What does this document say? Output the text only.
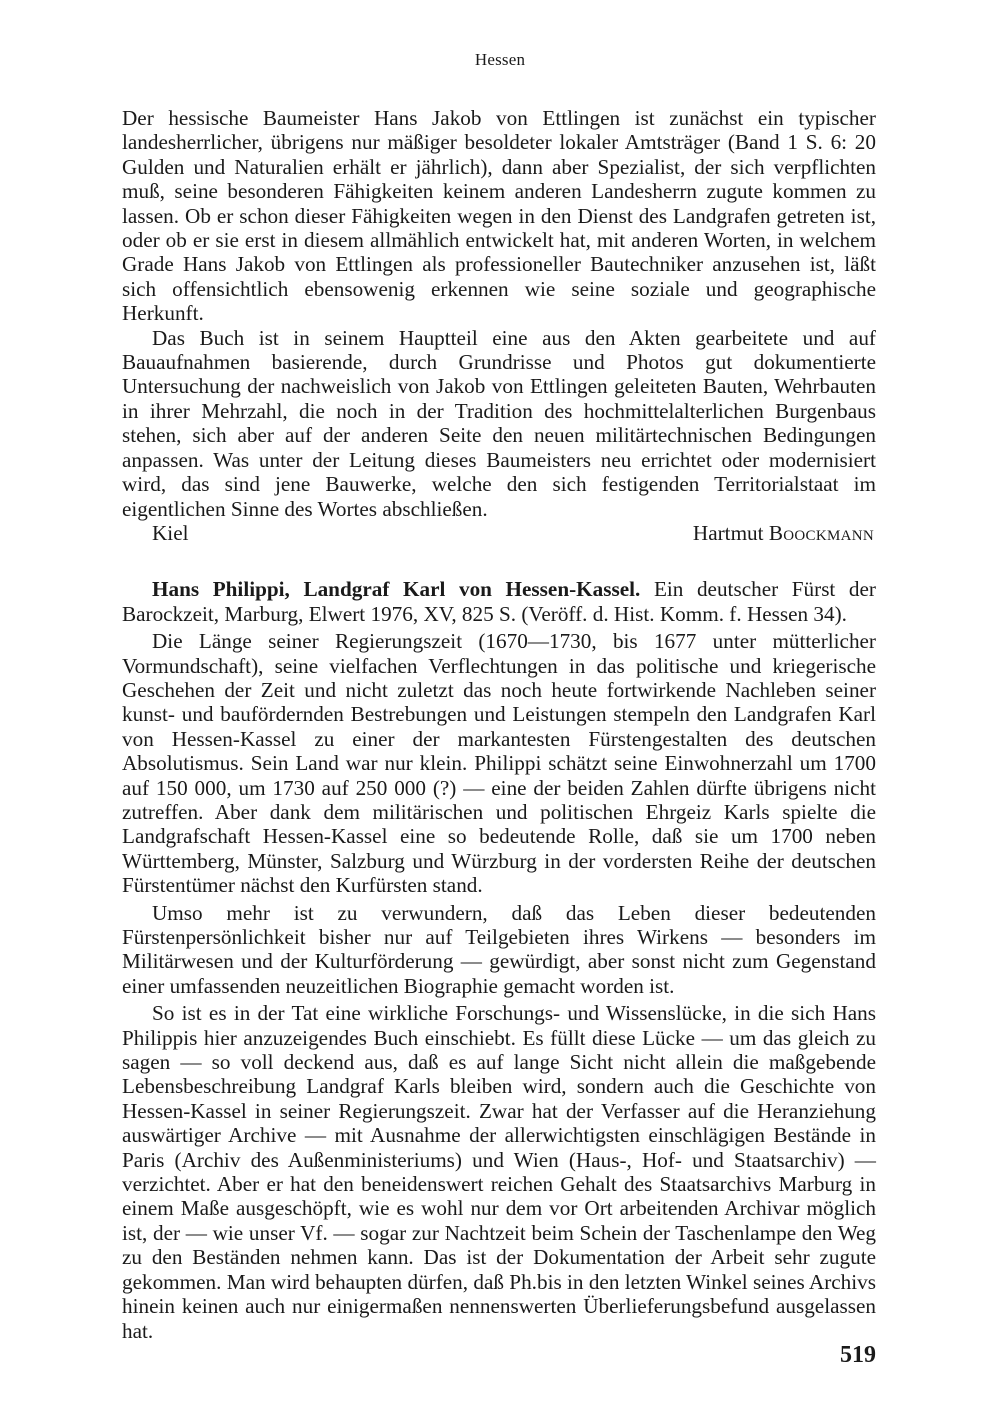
Hessen

Der hessische Baumeister Hans Jakob von Ettlingen ist zunächst ein typischer landesherrlicher, übrigens nur mäßiger besoldeter lokaler Amtsträger (Band 1 S. 6: 20 Gulden und Naturalien erhält er jährlich), dann aber Spezialist, der sich verpflichten muß, seine besonderen Fähigkeiten keinem anderen Landesherrn zugute kommen zu lassen. Ob er schon dieser Fähigkeiten wegen in den Dienst des Landgrafen getreten ist, oder ob er sie erst in diesem allmählich entwickelt hat, mit anderen Worten, in welchem Grade Hans Jakob von Ettlingen als professioneller Bautechniker anzusehen ist, läßt sich offensichtlich ebensowenig erkennen wie seine soziale und geographische Herkunft.

Das Buch ist in seinem Hauptteil eine aus den Akten gearbeitete und auf Bauaufnahmen basierende, durch Grundrisse und Photos gut dokumentierte Untersuchung der nachweislich von Jakob von Ettlingen geleiteten Bauten, Wehrbauten in ihrer Mehrzahl, die noch in der Tradition des hochmittelalterlichen Burgenbaus stehen, sich aber auf der anderen Seite den neuen militärtechnischen Bedingungen anpassen. Was unter der Leitung dieses Baumeisters neu errichtet oder modernisiert wird, das sind jene Bauwerke, welche den sich festigenden Territorialstaat im eigentlichen Sinne des Wortes abschließen.

Kiel	Hartmut Boockmann

Hans Philippi, Landgraf Karl von Hessen-Kassel. Ein deutscher Fürst der Barockzeit, Marburg, Elwert 1976, XV, 825 S. (Veröff. d. Hist. Komm. f. Hessen 34).

Die Länge seiner Regierungszeit (1670—1730, bis 1677 unter mütterlicher Vormundschaft), seine vielfachen Verflechtungen in das politische und kriegerische Geschehen der Zeit und nicht zuletzt das noch heute fortwirkende Nachleben seiner kunst- und baufördernden Bestrebungen und Leistungen stempeln den Landgrafen Karl von Hessen-Kassel zu einer der markantesten Fürstengestalten des deutschen Absolutismus. Sein Land war nur klein. Philippi schätzt seine Einwohnerzahl um 1700 auf 150 000, um 1730 auf 250 000 (?) — eine der beiden Zahlen dürfte übrigens nicht zutreffen. Aber dank dem militärischen und politischen Ehrgeiz Karls spielte die Landgrafschaft Hessen-Kassel eine so bedeutende Rolle, daß sie um 1700 neben Württemberg, Münster, Salzburg und Würzburg in der vordersten Reihe der deutschen Fürstentümer nächst den Kurfürsten stand.

Umso mehr ist zu verwundern, daß das Leben dieser bedeutenden Fürstenpersönlichkeit bisher nur auf Teilgebieten ihres Wirkens — besonders im Militärwesen und der Kulturförderung — gewürdigt, aber sonst nicht zum Gegenstand einer umfassenden neuzeitlichen Biographie gemacht worden ist.

So ist es in der Tat eine wirkliche Forschungs- und Wissenslücke, in die sich Hans Philippis hier anzuzeigendes Buch einschiebt. Es füllt diese Lücke — um das gleich zu sagen — so voll deckend aus, daß es auf lange Sicht nicht allein die maßgebende Lebensbeschreibung Landgraf Karls bleiben wird, sondern auch die Geschichte von Hessen-Kassel in seiner Regierungszeit. Zwar hat der Verfasser auf die Heranziehung auswärtiger Archive — mit Ausnahme der allerwichtigsten einschlägigen Bestände in Paris (Archiv des Außenministeriums) und Wien (Haus-, Hof- und Staatsarchiv) — verzichtet. Aber er hat den beneidenswert reichen Gehalt des Staatsarchivs Marburg in einem Maße ausgeschöpft, wie es wohl nur dem vor Ort arbeitenden Archivar möglich ist, der — wie unser Vf. — sogar zur Nachtzeit beim Schein der Taschenlampe den Weg zu den Beständen nehmen kann. Das ist der Dokumentation der Arbeit sehr zugute gekommen. Man wird behaupten dürfen, daß Ph.bis in den letzten Winkel seines Archivs hinein keinen auch nur einigermaßen nennenswerten Überlieferungsbefund ausgelassen hat.

519
